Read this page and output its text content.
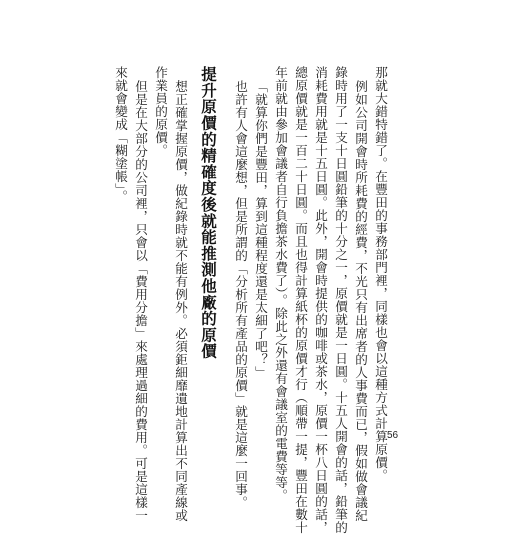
那就大錯特錯了。在豐田的事務部門裡，同樣也會以這種方式計算原價。
例如公司開會時所耗費的經費，不光只有出席者的人事費而已，假如做會議紀
錄時用了一支十日圓鉛筆的十分之一，原價就是一日圓。十五人開會的話，鉛筆的
消耗費用就是十五日圓。此外，開會時提供的咖啡或茶水，原價一杯八日圓的話，
總原價就是一百二十日圓。而且也得計算紙杯的原價才行（順帶一提，豐田在數十
年前就由參加會議者自行負擔茶水費了）。除此之外還有會議室的電費等等。
「就算你們是豐田，算到這種程度還是太細了吧？」
也許有人會這麼想，但是所謂的「分析所有產品的原價」就是這麼一回事。
提升原價的精確度後就能推測他廠的原價
想正確掌握原價，做紀錄時就不能有例外。必須鉅細靡遺地計算出不同產線或
作業員的原價。
但是在大部分的公司裡，只會以「費用分擔」來處理過細的費用。可是這樣一
來就會變成「糊塗帳」。
56
